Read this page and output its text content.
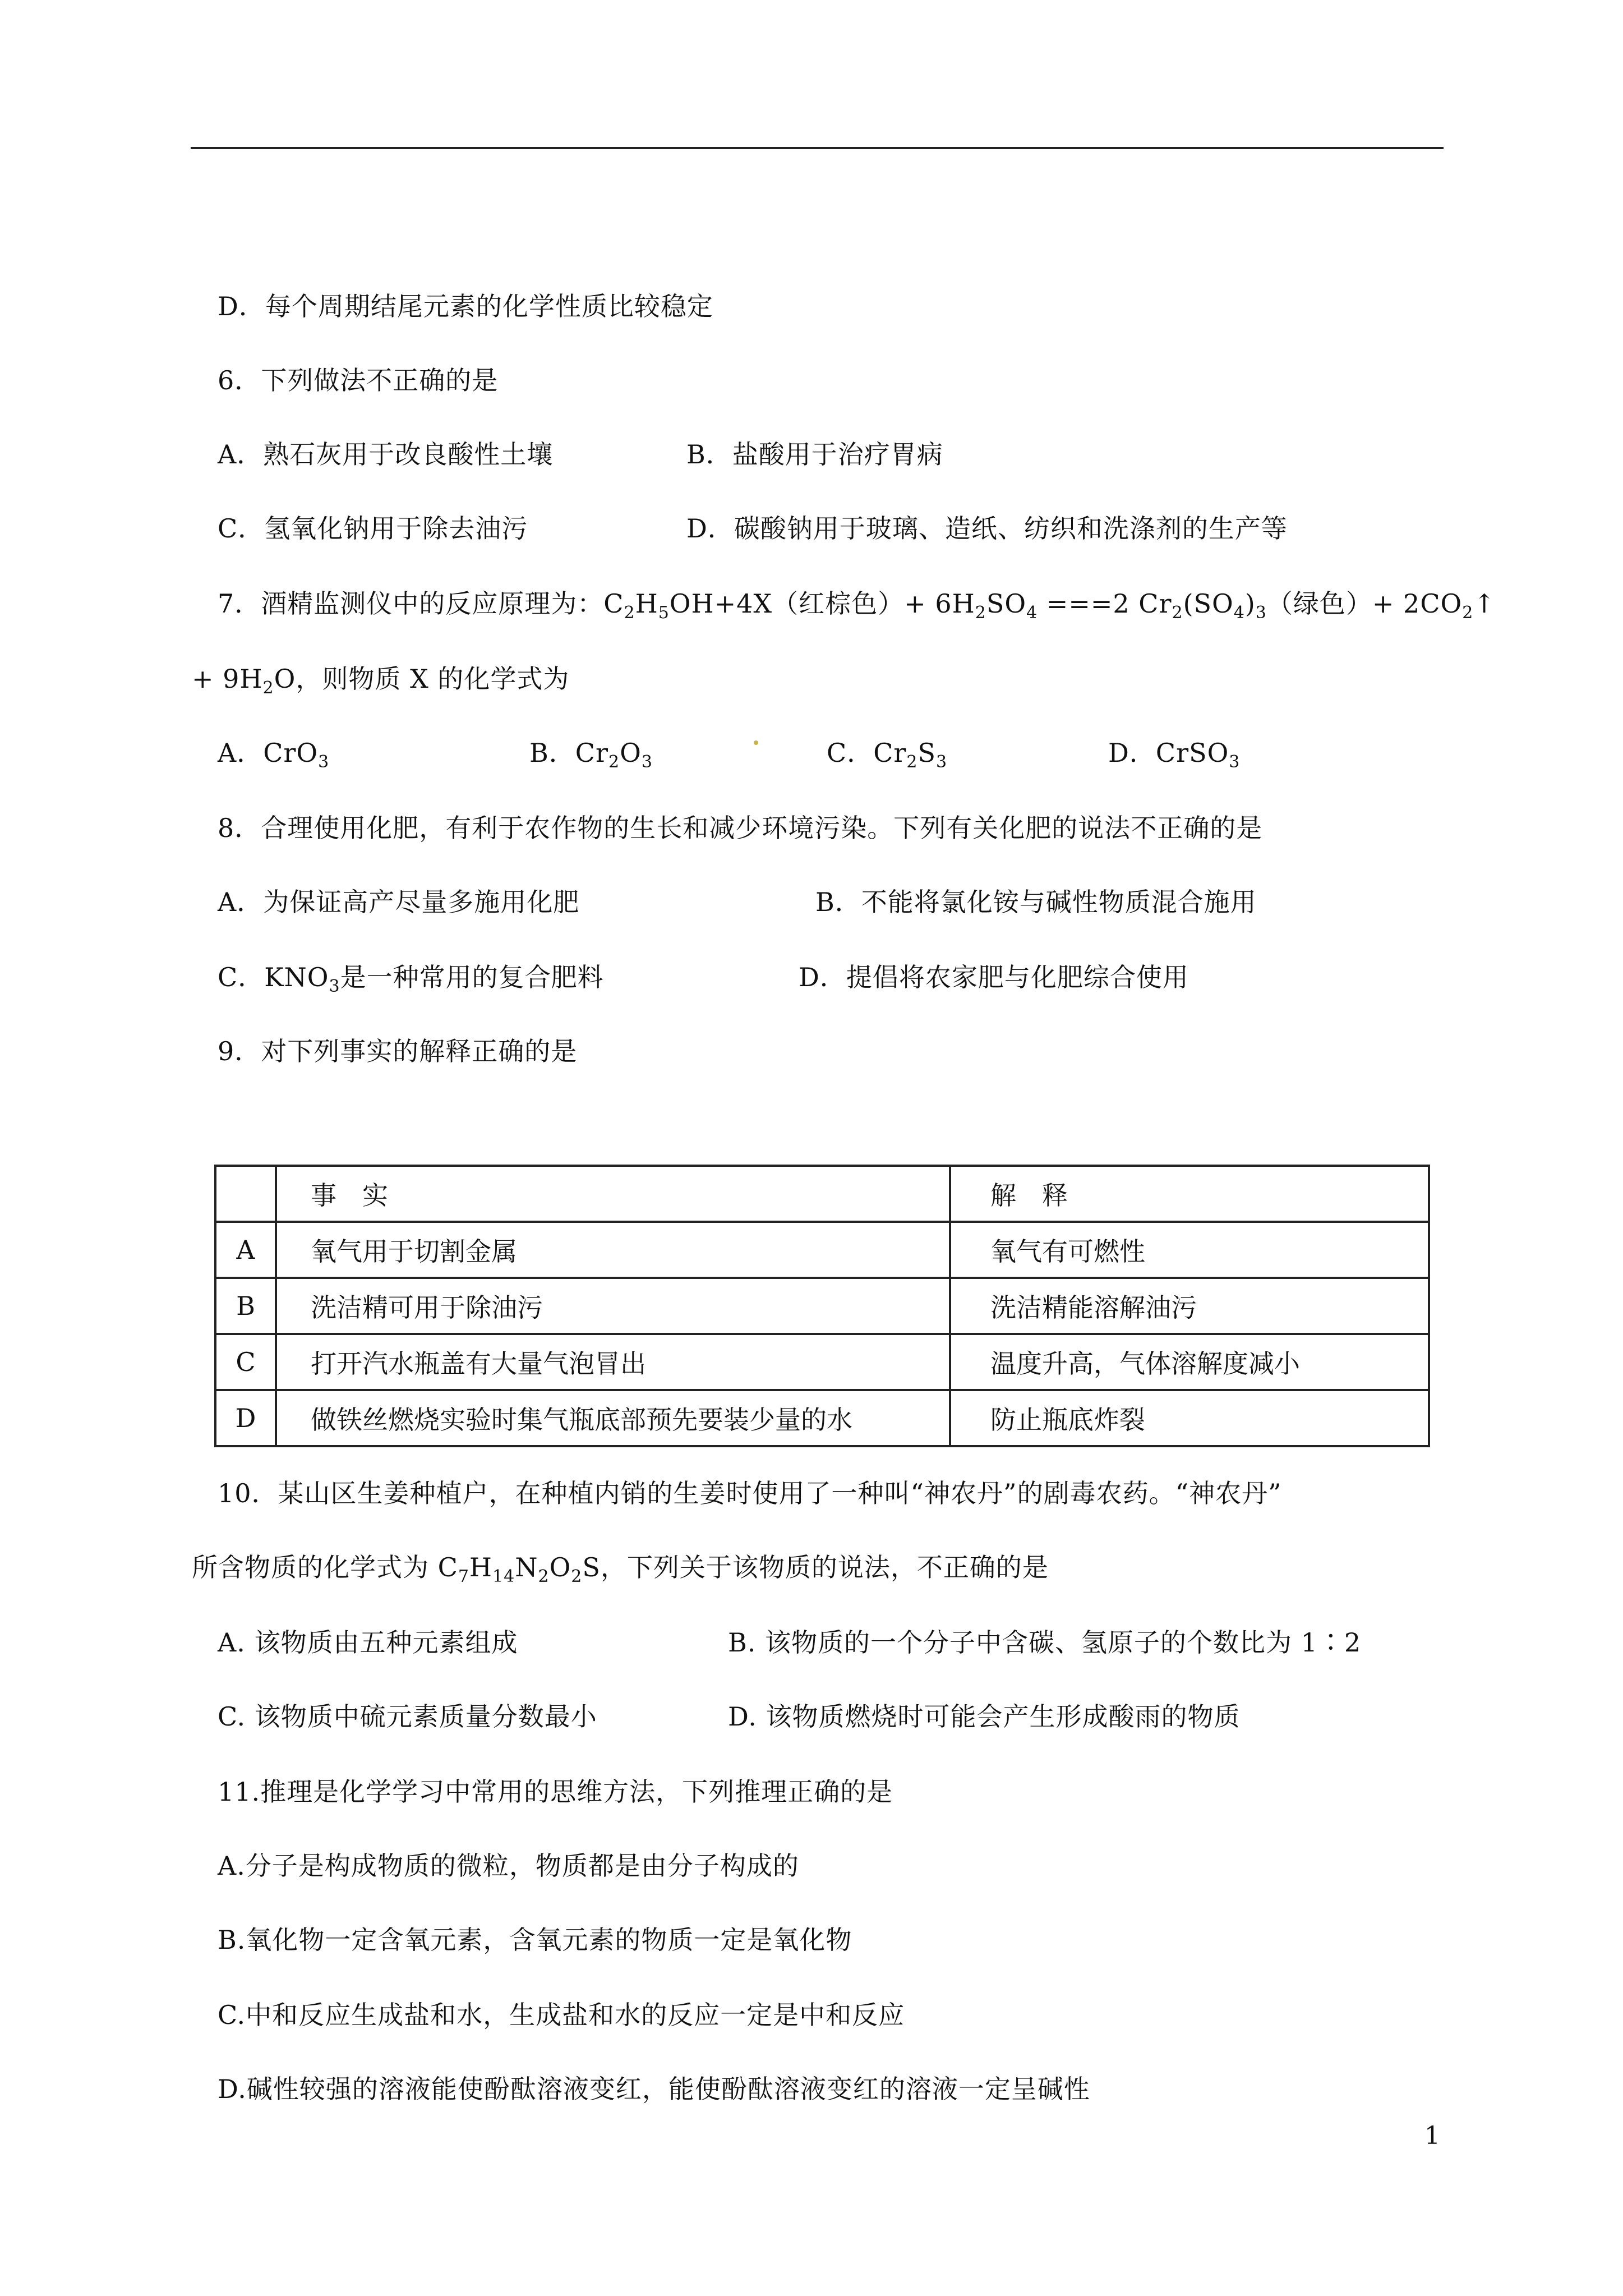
D．每个周期结尾元素的化学性质比较稳定
6．下列做法不正确的是
A．熟石灰用于改良酸性土壤	B．盐酸用于治疗胃病
C．氢氧化钠用于除去油污	D．碳酸钠用于玻璃、造纸、纺织和洗涤剂的生产等
7．酒精监测仪中的反应原理为：$C_2H_5OH+4X$（红棕色）+ $6H_2SO_4 ===2$ $Cr_2(SO_4)_3$（绿色）+ $2CO_2↑$
+ $9H_2O$，则物质 X 的化学式为
A．CrO$_3$	B．$Cr_2O_3$	C．$Cr_2S_3$	D．CrSO$_3$
8．合理使用化肥，有利于农作物的生长和减少环境污染。下列有关化肥的说法不正确的是
A．为保证高产尽量多施用化肥	B．不能将氯化铵与碱性物质混合施用
C．$KNO_3$是一种常用的复合肥料	D．提倡将农家肥与化肥综合使用
9．对下列事实的解释正确的是
	事　实	解　释
A	氧气用于切割金属	氧气有可燃性
B	洗洁精可用于除油污	洗洁精能溶解油污
C	打开汽水瓶盖有大量气泡冒出	温度升高，气体溶解度减小
D	做铁丝燃烧实验时集气瓶底部预先要装少量的水	防止瓶底炸裂
10．某山区生姜种植户，在种植内销的生姜时使用了一种叫“神农丹”的剧毒农药。“神农丹”
所含物质的化学式为 $C_7H_{14}N_2O_2S$，下列关于该物质的说法，不正确的是
A. 该物质由五种元素组成	B. 该物质的一个分子中含碳、氢原子的个数比为 1∶2
C. 该物质中硫元素质量分数最小	D. 该物质燃烧时可能会产生形成酸雨的物质
11.推理是化学学习中常用的思维方法，下列推理正确的是
A.分子是构成物质的微粒，物质都是由分子构成的
B.氧化物一定含氧元素，含氧元素的物质一定是氧化物
C.中和反应生成盐和水，生成盐和水的反应一定是中和反应
D.碱性较强的溶液能使酚酞溶液变红，能使酚酞溶液变红的溶液一定呈碱性
1
